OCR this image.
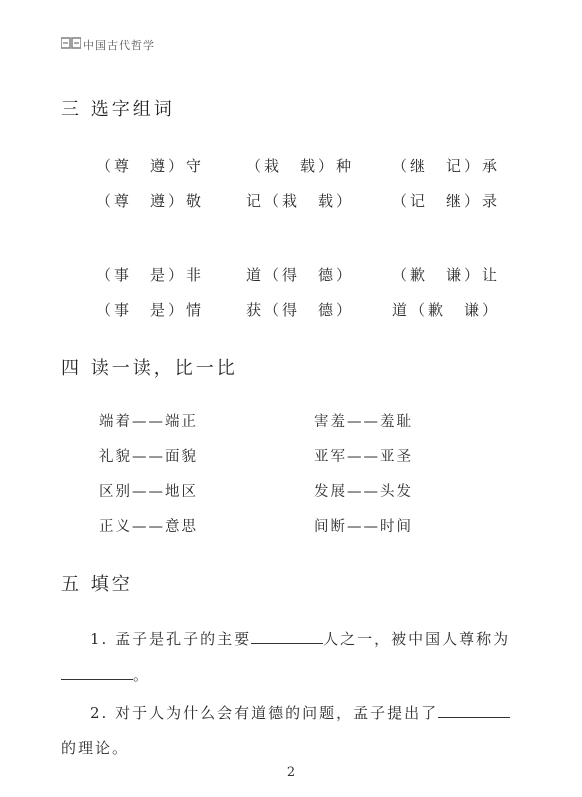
中国古代哲学
三 选字组词
（尊　遵）守	（栽　载）种	（继　记）承
（尊　遵）敬	记（栽　载）	（记　继）录
（事　是）非	道（得　德）	（歉　谦）让
（事　是）情	获（得　德）	道（歉　谦）
四 读一读，比一比
端着——端正	害羞——羞耻
礼貌——面貌	亚军——亚圣
区别——地区	发展——头发
正义——意思	间断——时间
五 填空
1. 孟子是孔子的主要	人之一，被中国人尊称为
。
2. 对于人为什么会有道德的问题，孟子提出了
的理论。
2
